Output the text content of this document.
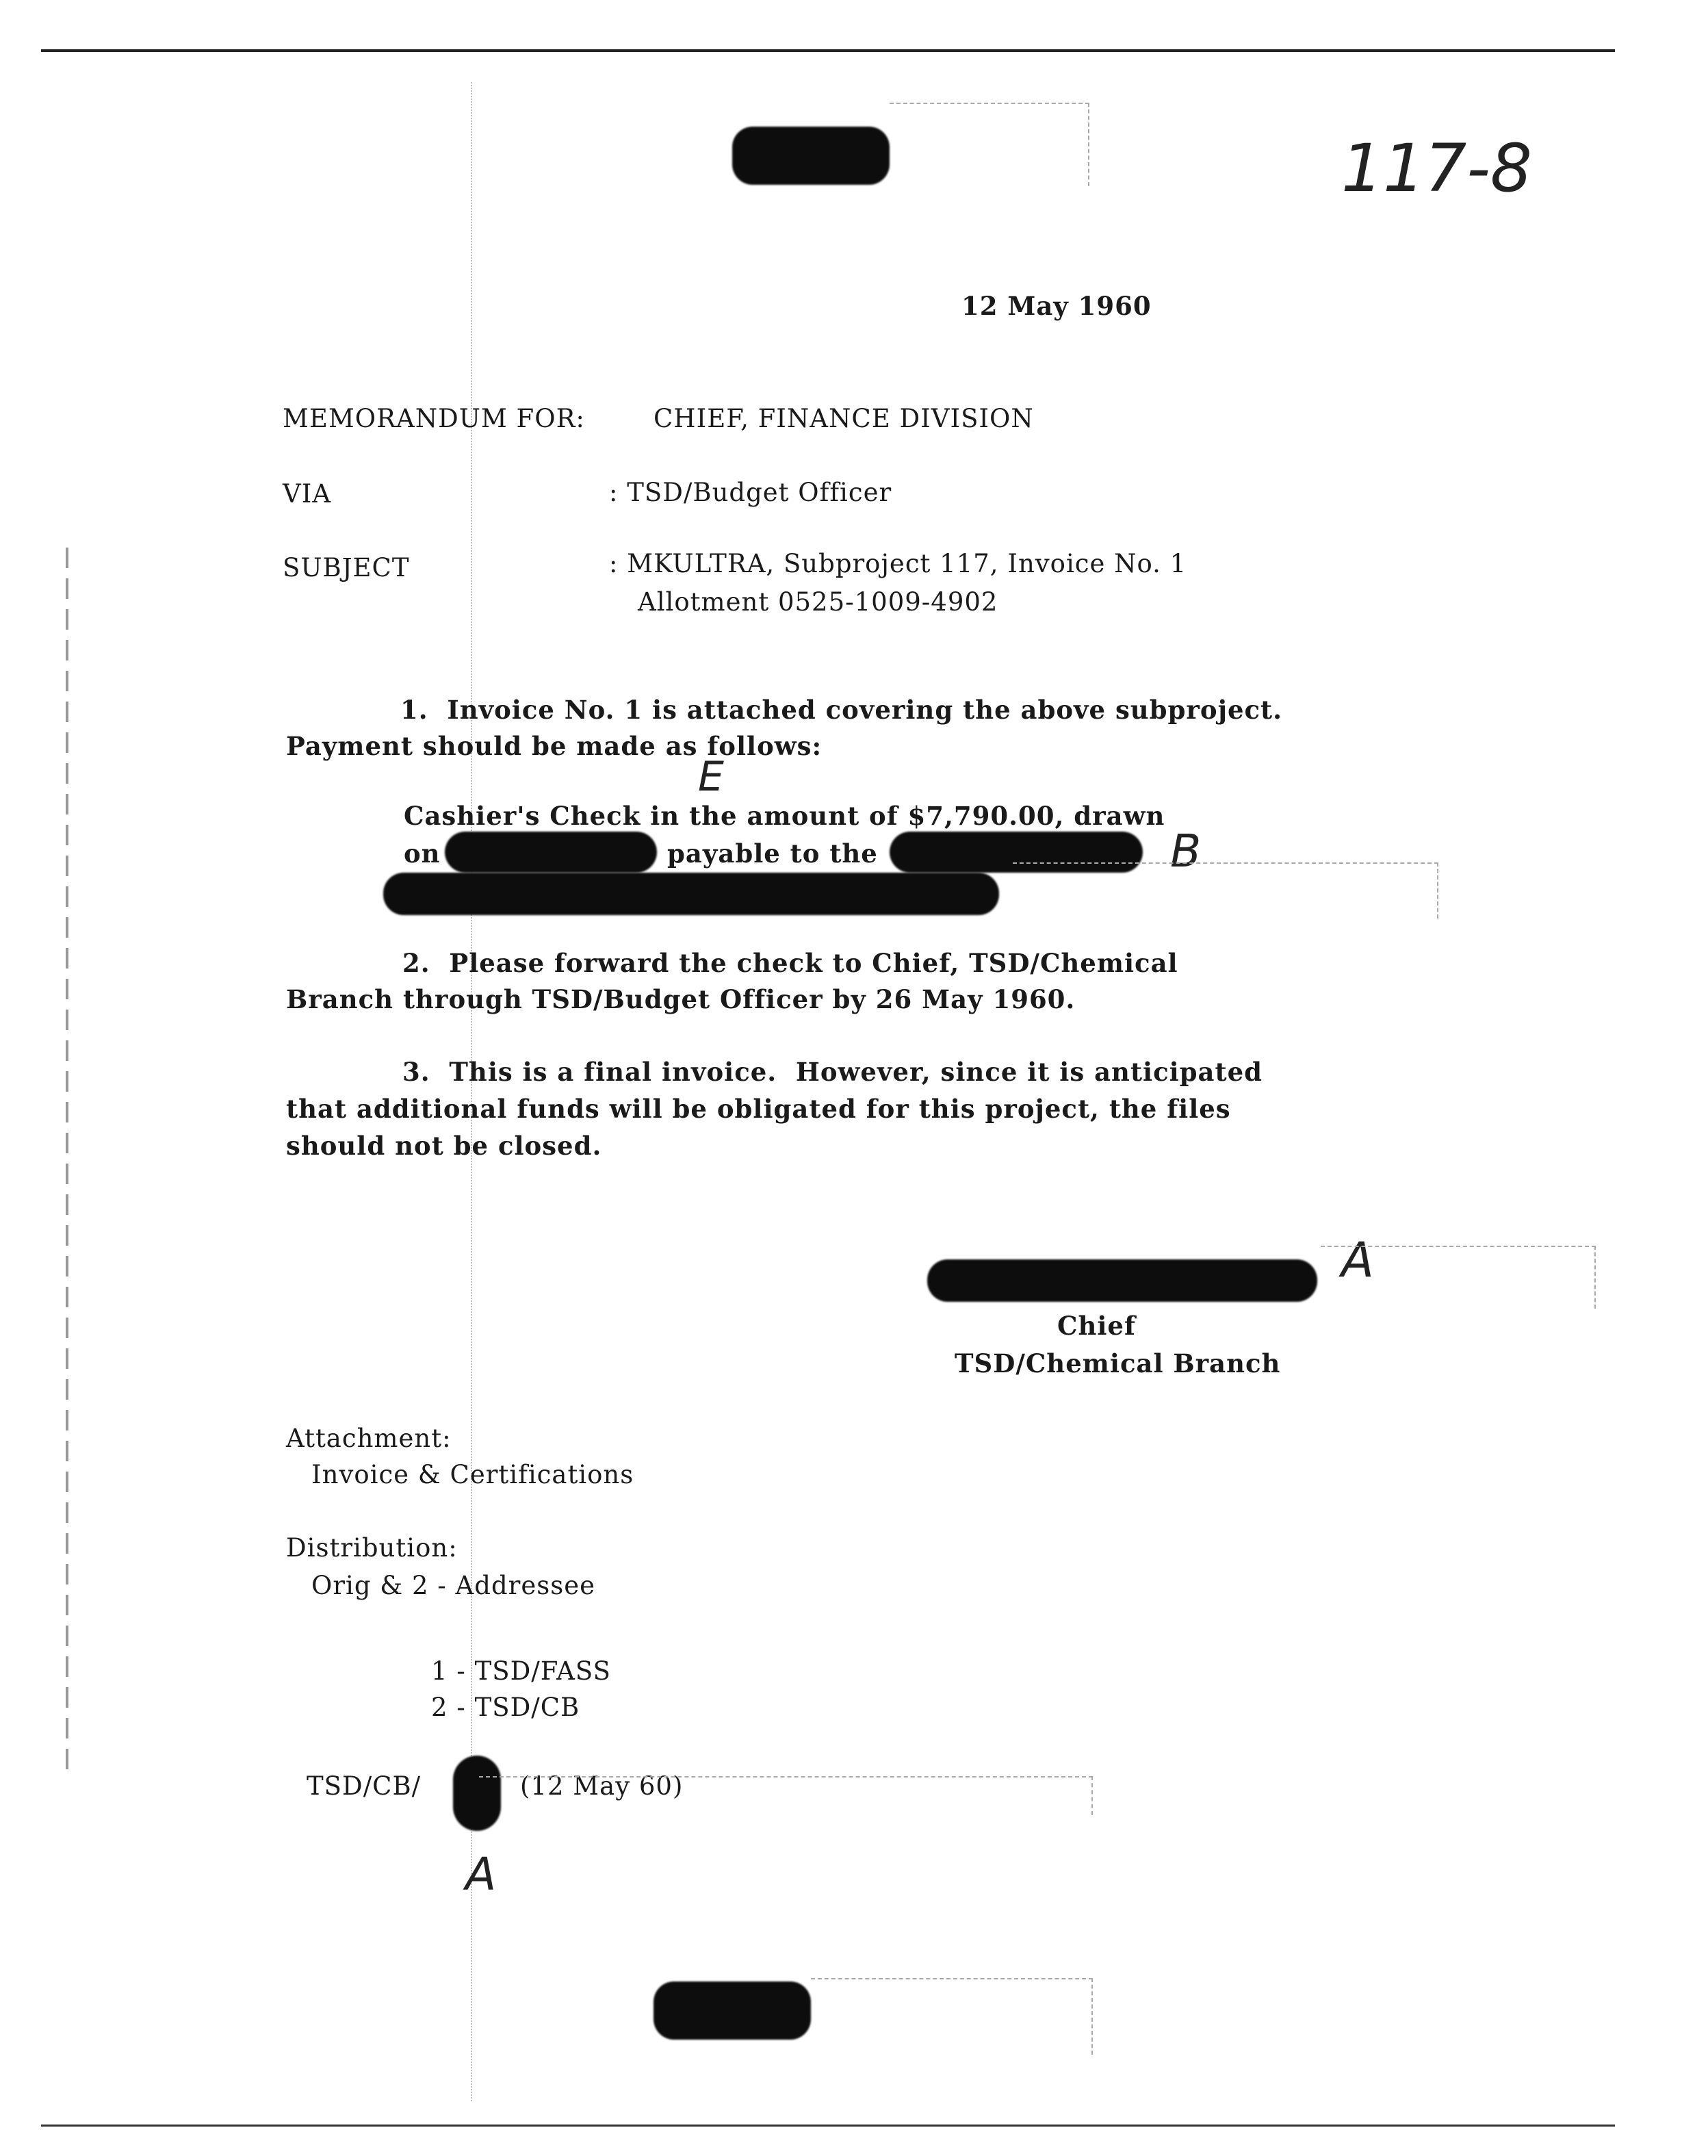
117-8
12 May 1960
MEMORANDUM FOR:	CHIEF, FINANCE DIVISION
VIA	: TSD/Budget Officer
SUBJECT	: MKULTRA, Subproject 117, Invoice No. 1
Allotment 0525-1009-4902
1.  Invoice No. 1 is attached covering the above subproject.
Payment should be made as follows:
E
Cashier's Check in the amount of $7,790.00, drawn
on	payable to the	B
2.  Please forward the check to Chief, TSD/Chemical
Branch through TSD/Budget Officer by 26 May 1960.
3.  This is a final invoice.  However, since it is anticipated
that additional funds will be obligated for this project, the files
should not be closed.
A
Chief
TSD/Chemical Branch
Attachment:
Invoice & Certifications
Distribution:
Orig & 2 - Addressee
1 - TSD/FASS
2 - TSD/CB
TSD/CB/	(12 May 60)
A
